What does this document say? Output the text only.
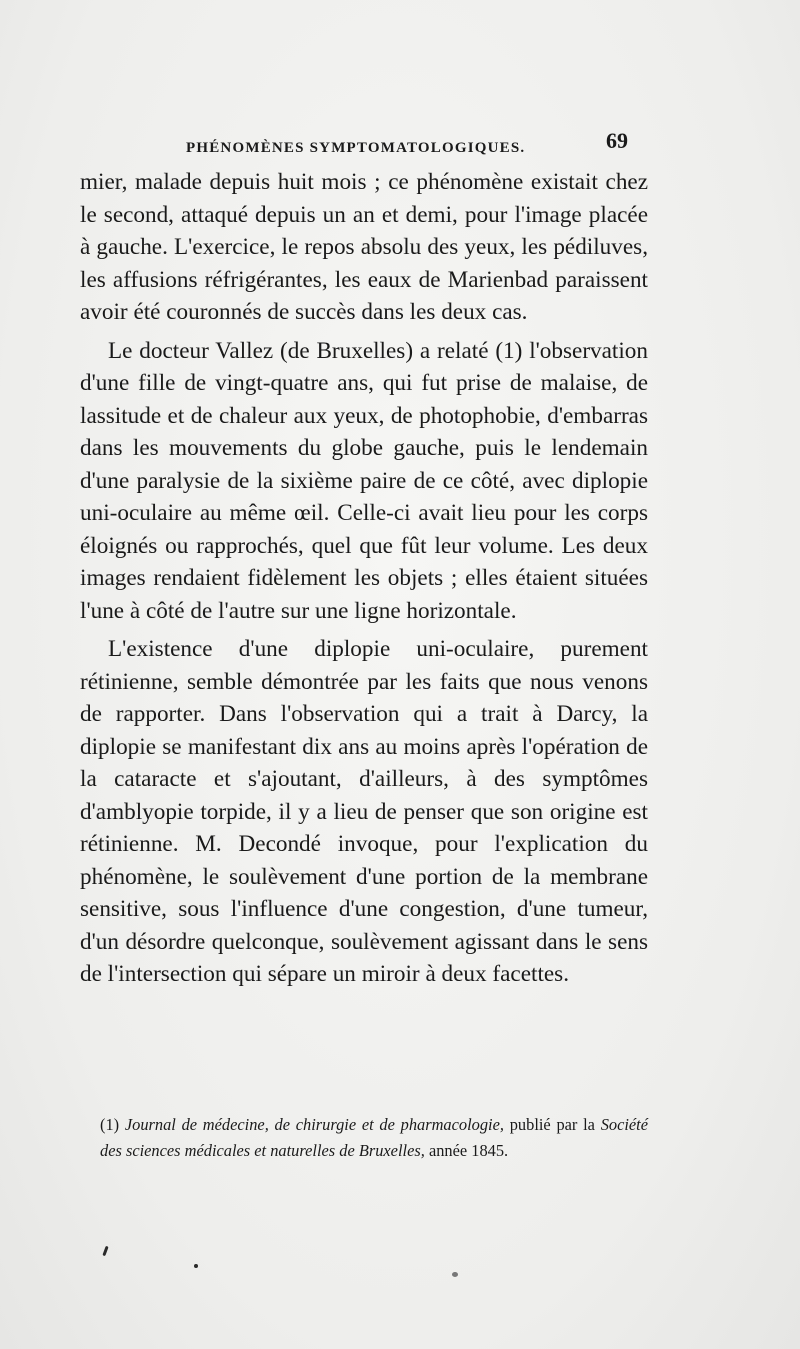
PHÉNOMÈNES SYMPTOMATOLOGIQUES.	69

mier, malade depuis huit mois ; ce phénomène existait chez le second, attaqué depuis un an et demi, pour l'image placée à gauche. L'exercice, le repos absolu des yeux, les pédiluves, les affusions réfrigérantes, les eaux de Marienbad paraissent avoir été couronnés de succès dans les deux cas.

Le docteur Vallez (de Bruxelles) a relaté (1) l'observation d'une fille de vingt-quatre ans, qui fut prise de malaise, de lassitude et de chaleur aux yeux, de photophobie, d'embarras dans les mouvements du globe gauche, puis le lendemain d'une paralysie de la sixième paire de ce côté, avec diplopie uni-oculaire au même œil. Celle-ci avait lieu pour les corps éloignés ou rapprochés, quel que fût leur volume. Les deux images rendaient fidèlement les objets ; elles étaient situées l'une à côté de l'autre sur une ligne horizontale.

L'existence d'une diplopie uni-oculaire, purement rétinienne, semble démontrée par les faits que nous venons de rapporter. Dans l'observation qui a trait à Darcy, la diplopie se manifestant dix ans au moins après l'opération de la cataracte et s'ajoutant, d'ailleurs, à des symptômes d'amblyopie torpide, il y a lieu de penser que son origine est rétinienne. M. Decondé invoque, pour l'explication du phénomène, le soulèvement d'une portion de la membrane sensitive, sous l'influence d'une congestion, d'une tumeur, d'un désordre quelconque, soulèvement agissant dans le sens de l'intersection qui sépare un miroir à deux facettes.

(1) Journal de médecine, de chirurgie et de pharmacologie, publié par la Société des sciences médicales et naturelles de Bruxelles, année 1845.
